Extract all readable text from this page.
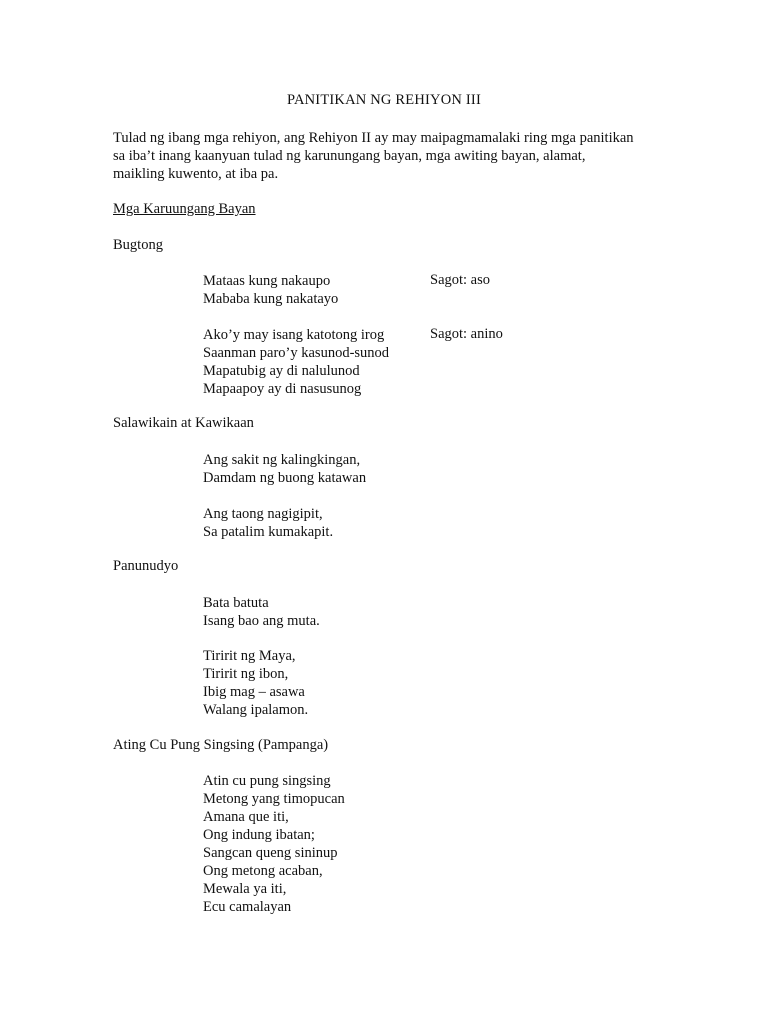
PANITIKAN NG REHIYON III
Tulad ng ibang mga rehiyon, ang Rehiyon II ay may maipagmamalaki ring mga panitikan
sa iba’t inang kaanyuan tulad ng karunungang bayan, mga awiting bayan, alamat,
maikling kuwento, at iba pa.
Mga Karuungang Bayan
Bugtong
Mataas kung nakaupo
Mababa kung nakatayo
Sagot: aso
Ako’y may isang katotong irog
Saanman paro’y kasunod-sunod
Mapatubig ay di nalulunod
Mapaapoy ay di nasusunog
Sagot: anino
Salawikain at Kawikaan
Ang sakit ng kalingkingan,
Damdam ng buong katawan
Ang taong nagigipit,
Sa patalim kumakapit.
Panunudyo
Bata batuta
Isang bao ang muta.
Tiririt ng Maya,
Tiririt ng ibon,
Ibig mag – asawa
Walang ipalamon.
Ating Cu Pung Singsing (Pampanga)
Atin cu pung singsing
Metong yang timopucan
Amana que iti,
Ong indung ibatan;
Sangcan queng sininup
Ong metong acaban,
Mewala ya iti,
Ecu camalayan
